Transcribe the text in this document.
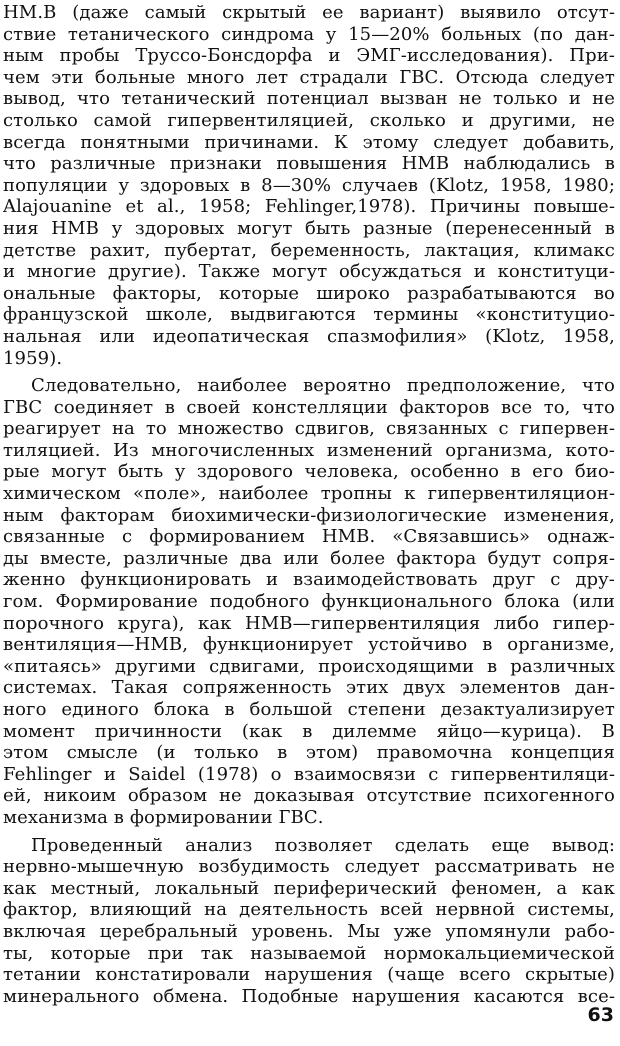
НМ.В (даже самый скрытый ее вариант) выявило отсут-
ствие тетанического синдрома у 15—20% больных (по дан-
ным пробы Труссо-Бонсдорфа и ЭМГ-исследования). При-
чем эти больные много лет страдали ГВС. Отсюда следует
вывод, что тетанический потенциал вызван не только и не
столько самой гипервентиляцией, сколько и другими, не
всегда понятными причинами. К этому следует добавить,
что различные признаки повышения НМВ наблюдались в
популяции у здоровых в 8—30% случаев (Klotz, 1958, 1980;
Alajouanine et al., 1958; Fehlinger,1978). Причины повыше-
ния НМВ у здоровых могут быть разные (перенесенный в
детстве рахит, пубертат, беременность, лактация, климакс
и многие другие). Также могут обсуждаться и конституци-
ональные факторы, которые широко разрабатываются во
французской школе, выдвигаются термины «конституцио-
нальная или идеопатическая спазмофилия» (Klotz, 1958,
1959).
Следовательно, наиболее вероятно предположение, что
ГВС соединяет в своей констелляции факторов все то, что
реагирует на то множество сдвигов, связанных с гипервен-
тиляцией. Из многочисленных изменений организма, кото-
рые могут быть у здорового человека, особенно в его био-
химическом «поле», наиболее тропны к гипервентиляцион-
ным факторам биохимически-физиологические изменения,
связанные с формированием НМВ. «Связавшись» однаж-
ды вместе, различные два или более фактора будут сопря-
женно функционировать и взаимодействовать друг с дру-
гом. Формирование подобного функционального блока (или
порочного круга), как НМВ—гипервентиляция либо гипер-
вентиляция—НМВ, функционирует устойчиво в организме,
«питаясь» другими сдвигами, происходящими в различных
системах. Такая сопряженность этих двух элементов дан-
ного единого блока в большой степени дезактуализирует
момент причинности (как в дилемме яйцо—курица). В
этом смысле (и только в этом) правомочна концепция
Fehlinger и Saidel (1978) о взаимосвязи с гипервентиляци-
ей, никоим образом не доказывая отсутствие психогенного
механизма в формировании ГВС.
Проведенный анализ позволяет сделать еще вывод:
нервно-мышечную возбудимость следует рассматривать не
как местный, локальный периферический феномен, а как
фактор, влияющий на деятельность всей нервной системы,
включая церебральный уровень. Мы уже упомянули рабо-
ты, которые при так называемой нормокальциемической
тетании констатировали нарушения (чаще всего скрытые)
минерального обмена. Подобные нарушения касаются все-
63
